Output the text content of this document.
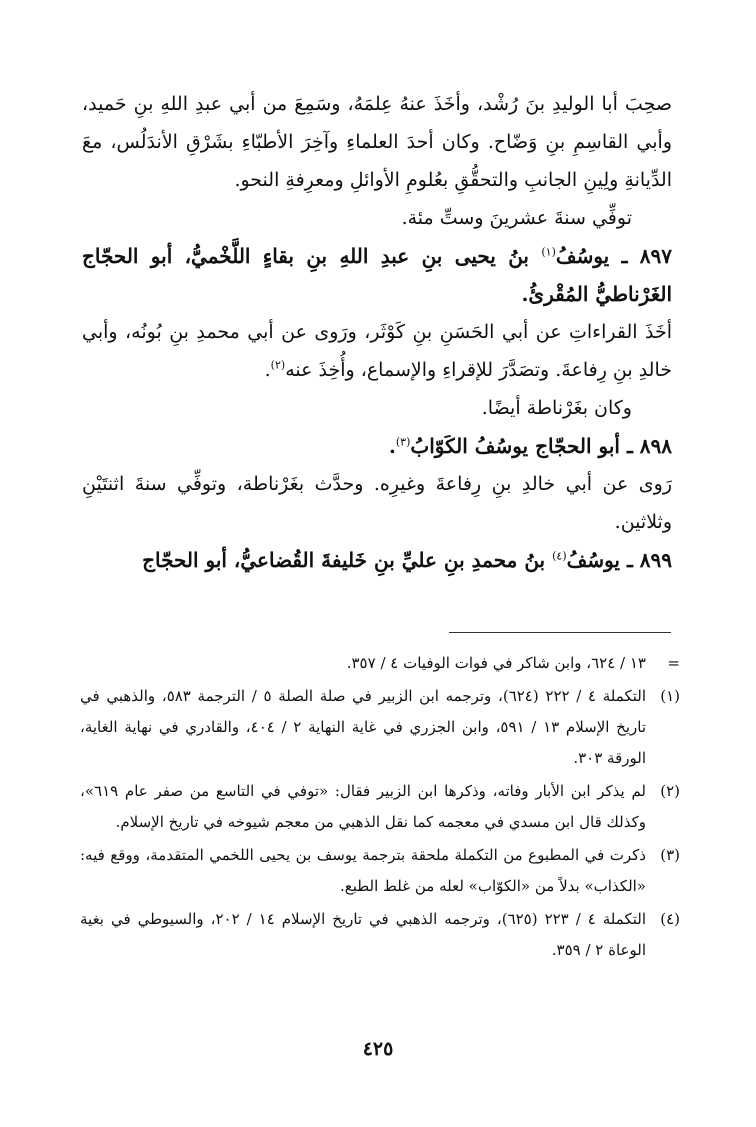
صحِبَ أبا الوليدِ بنَ رُشْد، وأخَذَ عنهُ عِلمَهُ، وسَمِعَ من أبي عبدِ اللهِ بنِ حَميد، وأبي القاسِمِ بنِ وَضّاح. وكان أحدَ العلماءِ وآخِرَ الأطبّاءِ بشَرْقِ الأندَلُس، معَ الدِّيانةِ ولِينِ الجانبِ والتحقُّقِ بعُلومِ الأوائلِ ومعرِفةِ النحو.

توفِّي سنةَ عشرينَ وستِّ مئة.

٨٩٧ ـ يوسُفُ$^{(١)}$ بنُ يحيى بنِ عبدِ اللهِ بنِ بقاءٍ اللَّخْميُّ، أبو الحجّاج الغَرْناطيُّ المُقْرئُ.

أخَذَ القراءاتِ عن أبي الحَسَنِ بنِ كَوْثَر، ورَوى عن أبي محمدِ بنِ بُونُه، وأبي خالدِ بنِ رِفاعةَ. وتصَدَّرَ للإقراءِ والإسماع، وأُخِذَ عنه$^{(٢)}$.

وكان بغَرْناطة أيضًا.

٨٩٨ ـ أبو الحجّاج يوسُفُ الكَوّابُ$^{(٣)}$.

رَوى عن أبي خالدِ بنِ رِفاعةَ وغيرِه. وحدَّث بغَرْناطة، وتوفِّي سنةَ اثنتَيْنِ وثلاثين.

٨٩٩ ـ يوسُفُ$^{(٤)}$ بنُ محمدِ بنِ عليِّ بنِ خَليفةَ القُضاعيُّ، أبو الحجّاج

=
١٣ / ٦٢٤، وابن شاكر في فوات الوفيات ٤ / ٣٥٧.
(١)
التكملة ٤ / ٢٢٢ (٦٢٤)، وترجمه ابن الزبير في صلة الصلة ٥ / الترجمة ٥٨٣، والذهبي في تاريخ الإسلام ١٣ / ٥٩١، وابن الجزري في غاية النهاية ٢ / ٤٠٤، والقادري في نهاية الغاية، الورقة ٣٠٣.
(٢)
لم يذكر ابن الأبار وفاته، وذكرها ابن الزبير فقال: «توفي في التاسع من صفر عام ٦١٩»، وكذلك قال ابن مسدي في معجمه كما نقل الذهبي من معجم شيوخه في تاريخ الإسلام.
(٣)
ذكرت في المطبوع من التكملة ملحقة بترجمة يوسف بن يحيى اللخمي المتقدمة، ووقع فيه: «الكذاب» بدلاً من «الكوّاب» لعله من غلط الطبع.
(٤)
التكملة ٤ / ٢٢٣ (٦٢٥)، وترجمه الذهبي في تاريخ الإسلام ١٤ / ٢٠٢، والسيوطي في بغية الوعاة ٢ / ٣٥٩.
٤٢٥
